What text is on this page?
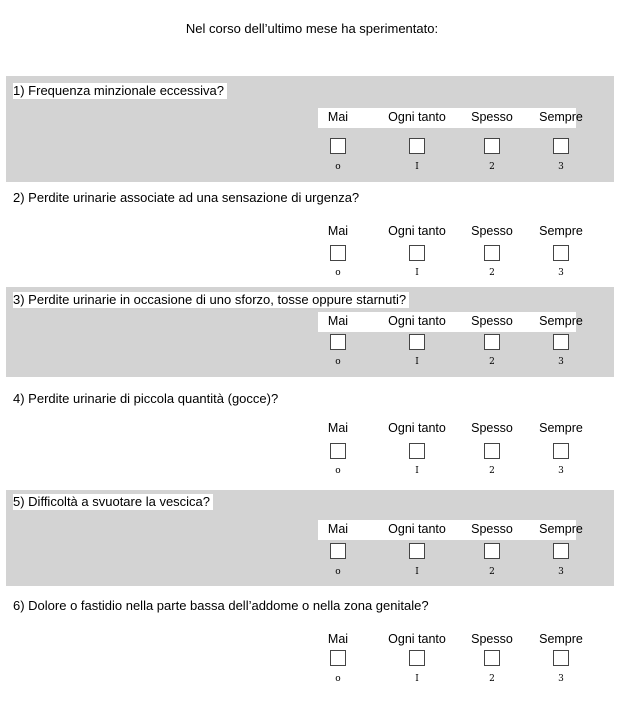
Nel corso dell’ultimo mese ha sperimentato:
1) Frequenza minzionale eccessiva?
Mai	Ogni tanto	Spesso	Sempre
o	I	2	3
2) Perdite urinarie associate ad una sensazione di urgenza?
Mai	Ogni tanto	Spesso	Sempre
o	I	2	3
3) Perdite urinarie in occasione di uno sforzo, tosse oppure starnuti?
Mai	Ogni tanto	Spesso	Sempre
o	I	2	3
4) Perdite urinarie di piccola quantità (gocce)?
Mai	Ogni tanto	Spesso	Sempre
o	I	2	3
5) Difficoltà a svuotare la vescica?
Mai	Ogni tanto	Spesso	Sempre
o	I	2	3
6) Dolore o fastidio nella parte bassa dell’addome o nella zona genitale?
Mai	Ogni tanto	Spesso	Sempre
o	I	2	3
